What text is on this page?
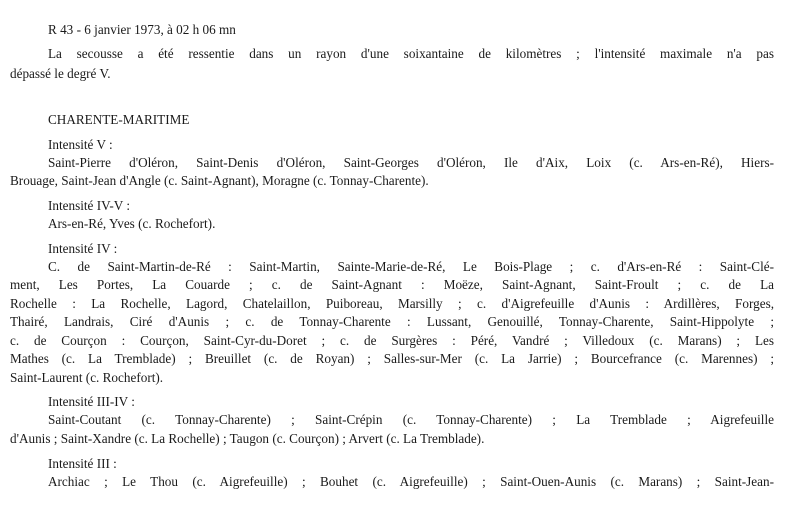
R 43 - 6 janvier 1973, à 02 h 06 mn
La secousse a été ressentie dans un rayon d'une soixantaine de kilomètres ; l'intensité maximale n'a pas
dépassé le degré V.
CHARENTE-MARITIME
Intensité V :
Saint-Pierre d'Oléron, Saint-Denis d'Oléron, Saint-Georges d'Oléron, Ile d'Aix, Loix (c. Ars-en-Ré), Hiers-
Brouage, Saint-Jean d'Angle (c. Saint-Agnant), Moragne (c. Tonnay-Charente).
Intensité IV-V :
Ars-en-Ré, Yves (c. Rochefort).
Intensité IV :
C. de Saint-Martin-de-Ré : Saint-Martin, Sainte-Marie-de-Ré, Le Bois-Plage ; c. d'Ars-en-Ré : Saint-Clé-
ment, Les Portes, La Couarde ; c. de Saint-Agnant : Moëze, Saint-Agnant, Saint-Froult ; c. de La
Rochelle : La Rochelle, Lagord, Chatelaillon, Puiboreau, Marsilly ; c. d'Aigrefeuille d'Aunis : Ardillères, Forges,
Thairé, Landrais, Ciré d'Aunis ; c. de Tonnay-Charente : Lussant, Genouillé, Tonnay-Charente, Saint-Hippolyte ;
c. de Courçon : Courçon, Saint-Cyr-du-Doret ; c. de Surgères : Péré, Vandré ; Villedoux (c. Marans) ; Les
Mathes (c. La Tremblade) ; Breuillet (c. de Royan) ; Salles-sur-Mer (c. La Jarrie) ; Bourcefrance (c. Marennes) ;
Saint-Laurent (c. Rochefort).
Intensité III-IV :
Saint-Coutant (c. Tonnay-Charente) ; Saint-Crépin (c. Tonnay-Charente) ; La Tremblade ; Aigrefeuille
d'Aunis ; Saint-Xandre (c. La Rochelle) ; Taugon (c. Courçon) ; Arvert (c. La Tremblade).
Intensité III :
Archiac ; Le Thou (c. Aigrefeuille) ; Bouhet (c. Aigrefeuille) ; Saint-Ouen-Aunis (c. Marans) ; Saint-Jean-
